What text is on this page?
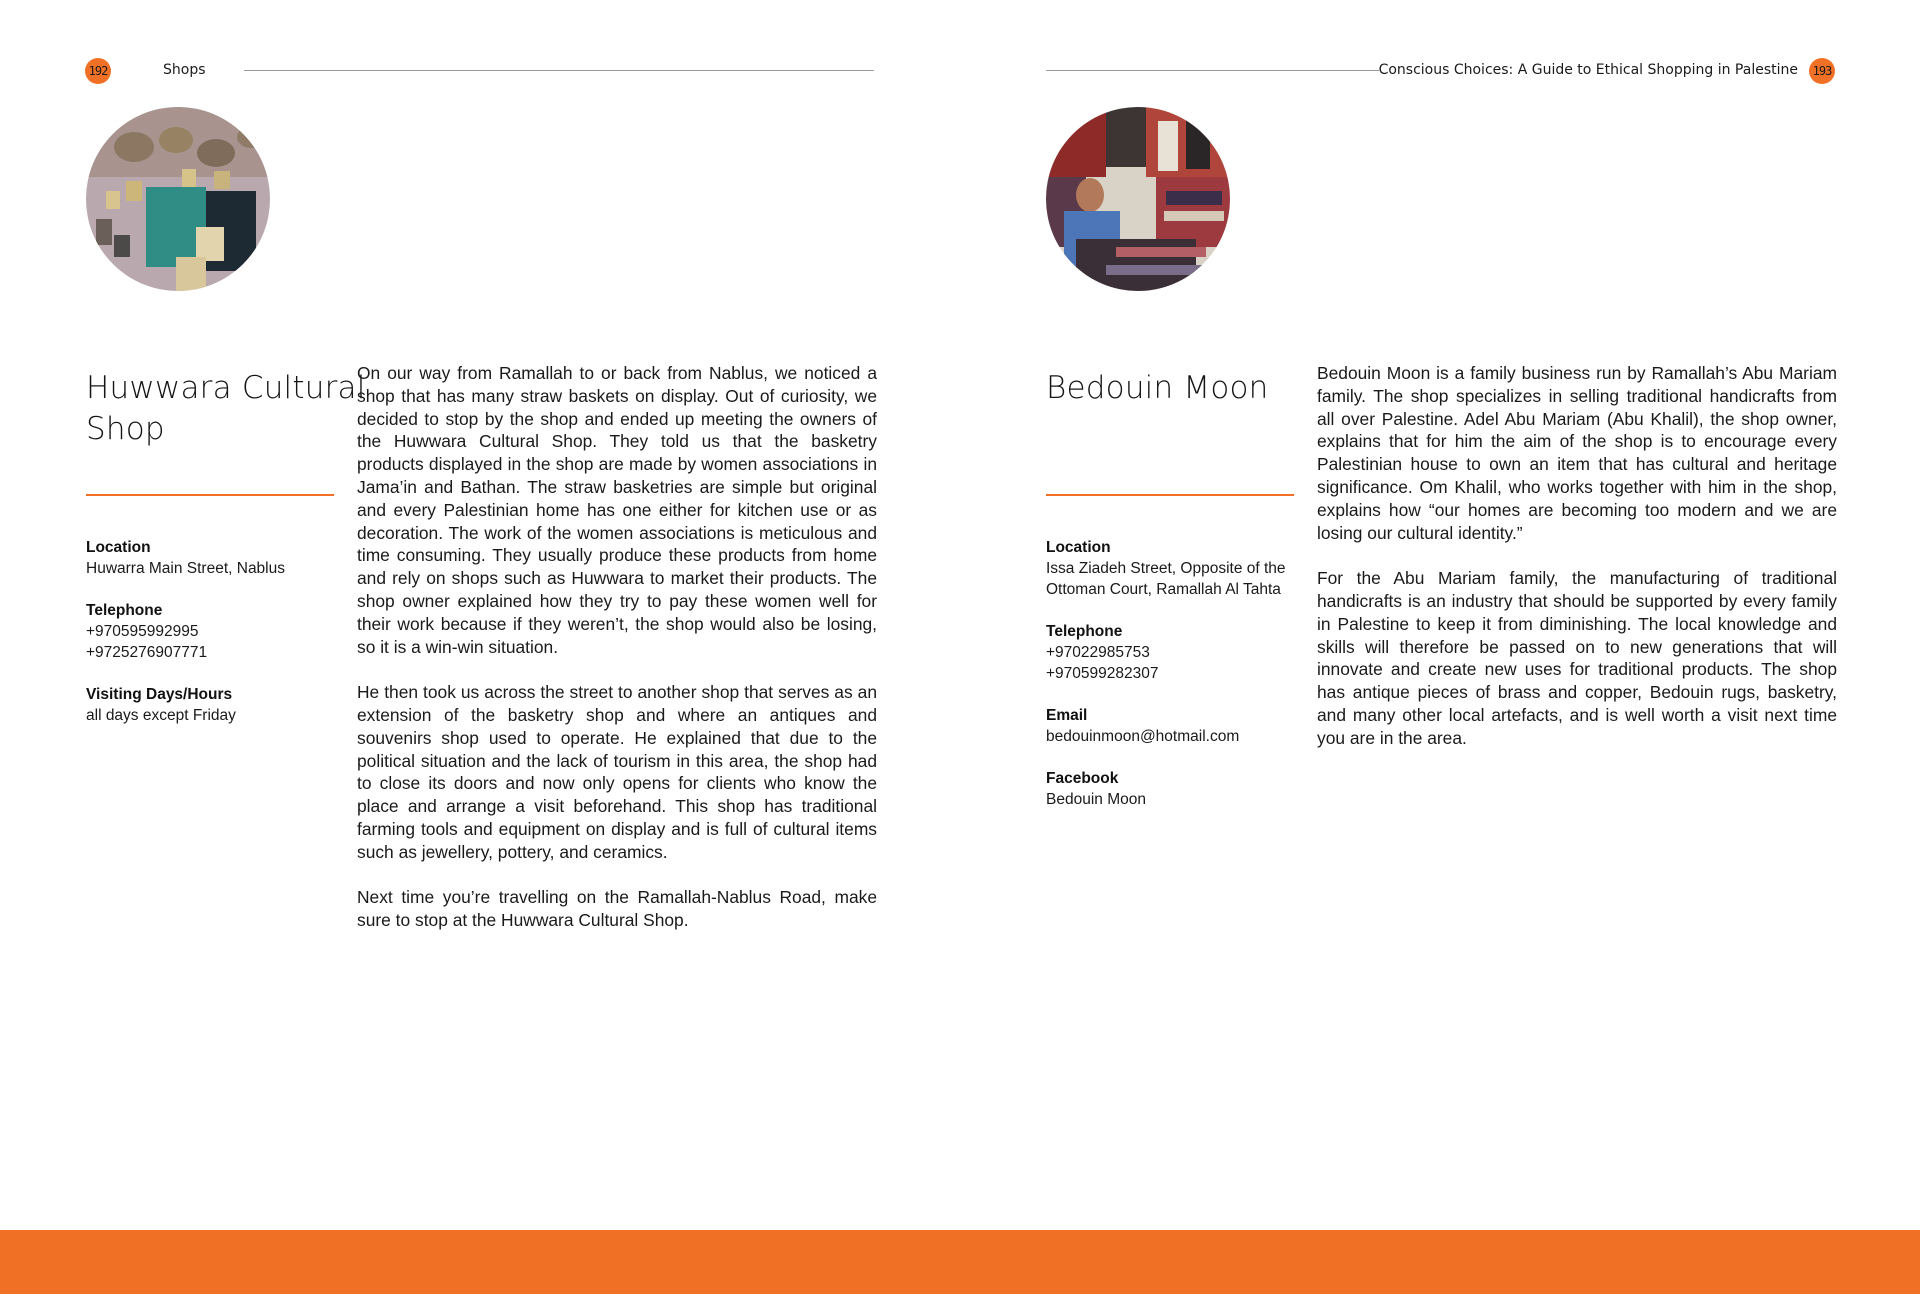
192	Shops
Huwwara Cultural
Shop
Location
Huwarra Main Street, Nablus
Telephone
+970595992995
+9725276907771
Visiting Days/Hours
all days except Friday

On our way from Ramallah to or back from Nablus, we noticed a shop that has many straw baskets on display. Out of curiosity, we decided to stop by the shop and ended up meeting the owners of the Huwwara Cultural Shop. They told us that the basketry products displayed in the shop are made by women associations in Jama’in and Bathan. The straw basketries are simple but original and every Palestinian home has one either for kitchen use or as decoration. The work of the women associations is meticulous and time consuming. They usually produce these products from home and rely on shops such as Huwwara to market their products. The shop owner explained how they try to pay these women well for their work because if they weren’t, the shop would also be losing, so it is a win-win situation.

He then took us across the street to another shop that serves as an extension of the basketry shop and where an antiques and souvenirs shop used to operate. He explained that due to the political situation and the lack of tourism in this area, the shop had to close its doors and now only opens for clients who know the place and arrange a visit beforehand. This shop has traditional farming tools and equipment on display and is full of cultural items such as jewellery, pottery, and ceramics.

Next time you’re travelling on the Ramallah-Nablus Road, make sure to stop at the Huwwara Cultural Shop.

Conscious Choices: A Guide to Ethical Shopping in Palestine	193
Bedouin Moon
Location
Issa Ziadeh Street, Opposite of the Ottoman Court, Ramallah Al Tahta
Telephone
+97022985753
+970599282307
Email
bedouinmoon@hotmail.com
Facebook
Bedouin Moon

Bedouin Moon is a family business run by Ramallah’s Abu Mariam family. The shop specializes in selling traditional handicrafts from all over Palestine. Adel Abu Mariam (Abu Khalil), the shop owner, explains that for him the aim of the shop is to encourage every Palestinian house to own an item that has cultural and heritage significance. Om Khalil, who works together with him in the shop, explains how “our homes are becoming too modern and we are losing our cultural identity.”

For the Abu Mariam family, the manufacturing of traditional handicrafts is an industry that should be supported by every family in Palestine to keep it from diminishing. The local knowledge and skills will therefore be passed on to new generations that will innovate and create new uses for traditional products. The shop has antique pieces of brass and copper, Bedouin rugs, basketry, and many other local artefacts, and is well worth a visit next time you are in the area.
